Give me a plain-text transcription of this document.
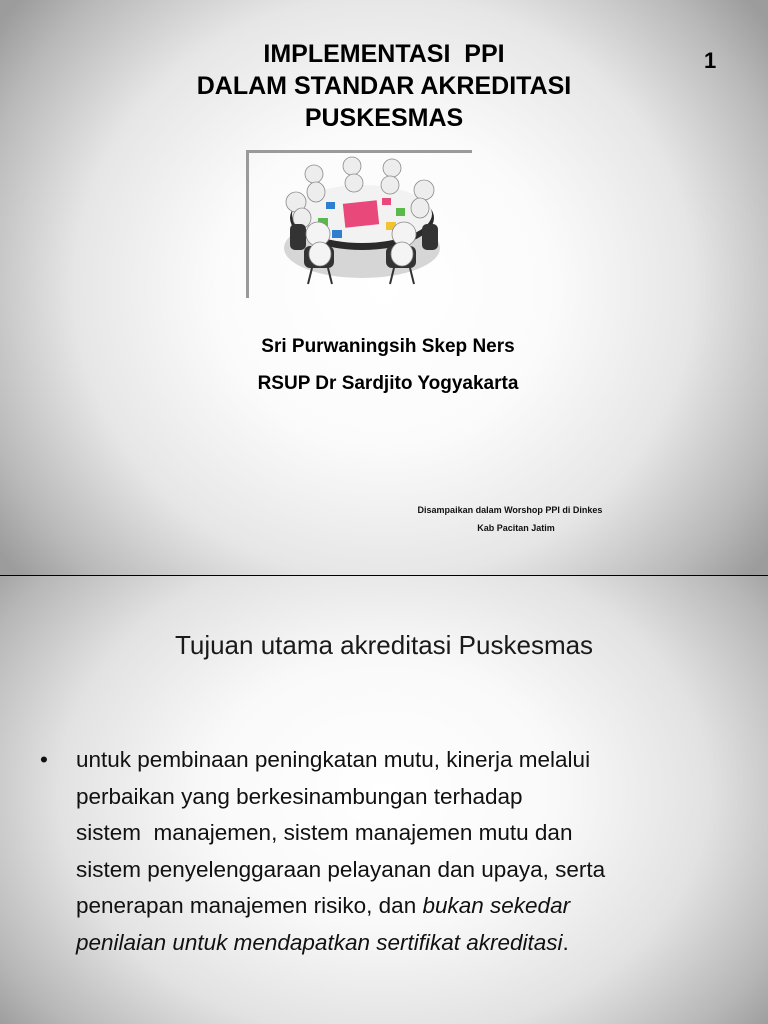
IMPLEMENTASI  PPI
DALAM STANDAR AKREDITASI
PUSKESMAS
1
Sri Purwaningsih Skep Ners
RSUP Dr Sardjito Yogyakarta
Disampaikan dalam Worshop PPI di Dinkes
Kab Pacitan Jatim
Tujuan utama akreditasi Puskesmas
• untuk pembinaan peningkatan mutu, kinerja melalui
perbaikan yang berkesinambungan terhadap
sistem  manajemen, sistem manajemen mutu dan
sistem penyelenggaraan pelayanan dan upaya, serta
penerapan manajemen risiko, dan bukan sekedar
penilaian untuk mendapatkan sertifikat akreditasi.
